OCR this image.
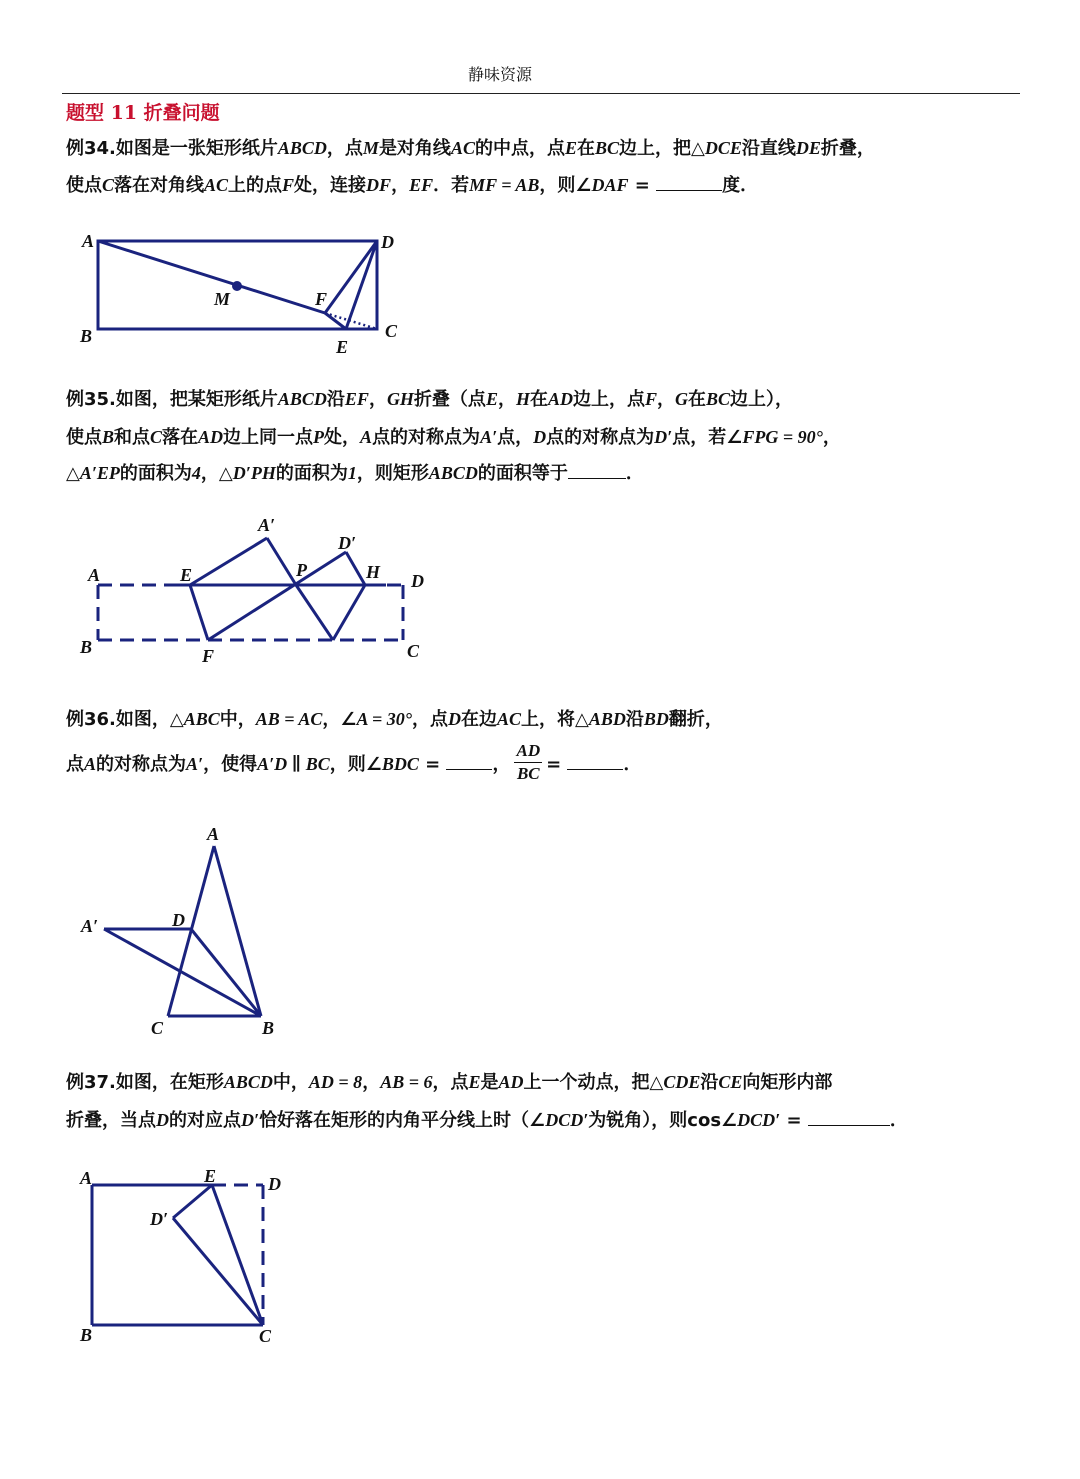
静味资源
题型 11 折叠问题
例34.如图是一张矩形纸片ABCD，点M是对角线AC的中点，点E在BC边上，把△DCE沿直线DE折叠，
使点C落在对角线AC上的点F处，连接DF，EF．若MF = AB，则∠DAF =	度．
例35.如图，把某矩形纸片ABCD沿EF，GH折叠（点E，H在AD边上，点F，G在BC边上），
使点B和点C落在AD边上同一点P处，A点的对称点为A′点，D点的对称点为D′点，若∠FPG = 90°，
△A′EP的面积为4，△D′PH的面积为1，则矩形ABCD的面积等于	．
例36.如图，△ABC中，AB = AC，∠A = 30°，点D在边AC上，将△ABD沿BD翻折，
点A的对称点为A′，使得A′D ∥ BC，则∠BDC =	， $\frac{AD}{BC}$ =	．
例37.如图，在矩形ABCD中，AD = 8，AB = 6，点E是AD上一个动点，把△CDE沿CE向矩形内部
折叠，当点D的对应点D′恰好落在矩形的内角平分线上时（∠DCD′为锐角），则cos∠DCD′ =	．
A	D
M	F
B
E
C
A′
D′
A	E	P	H D
B	F	C
A
D
A′
C	B
A	E	D
D′
B	C
